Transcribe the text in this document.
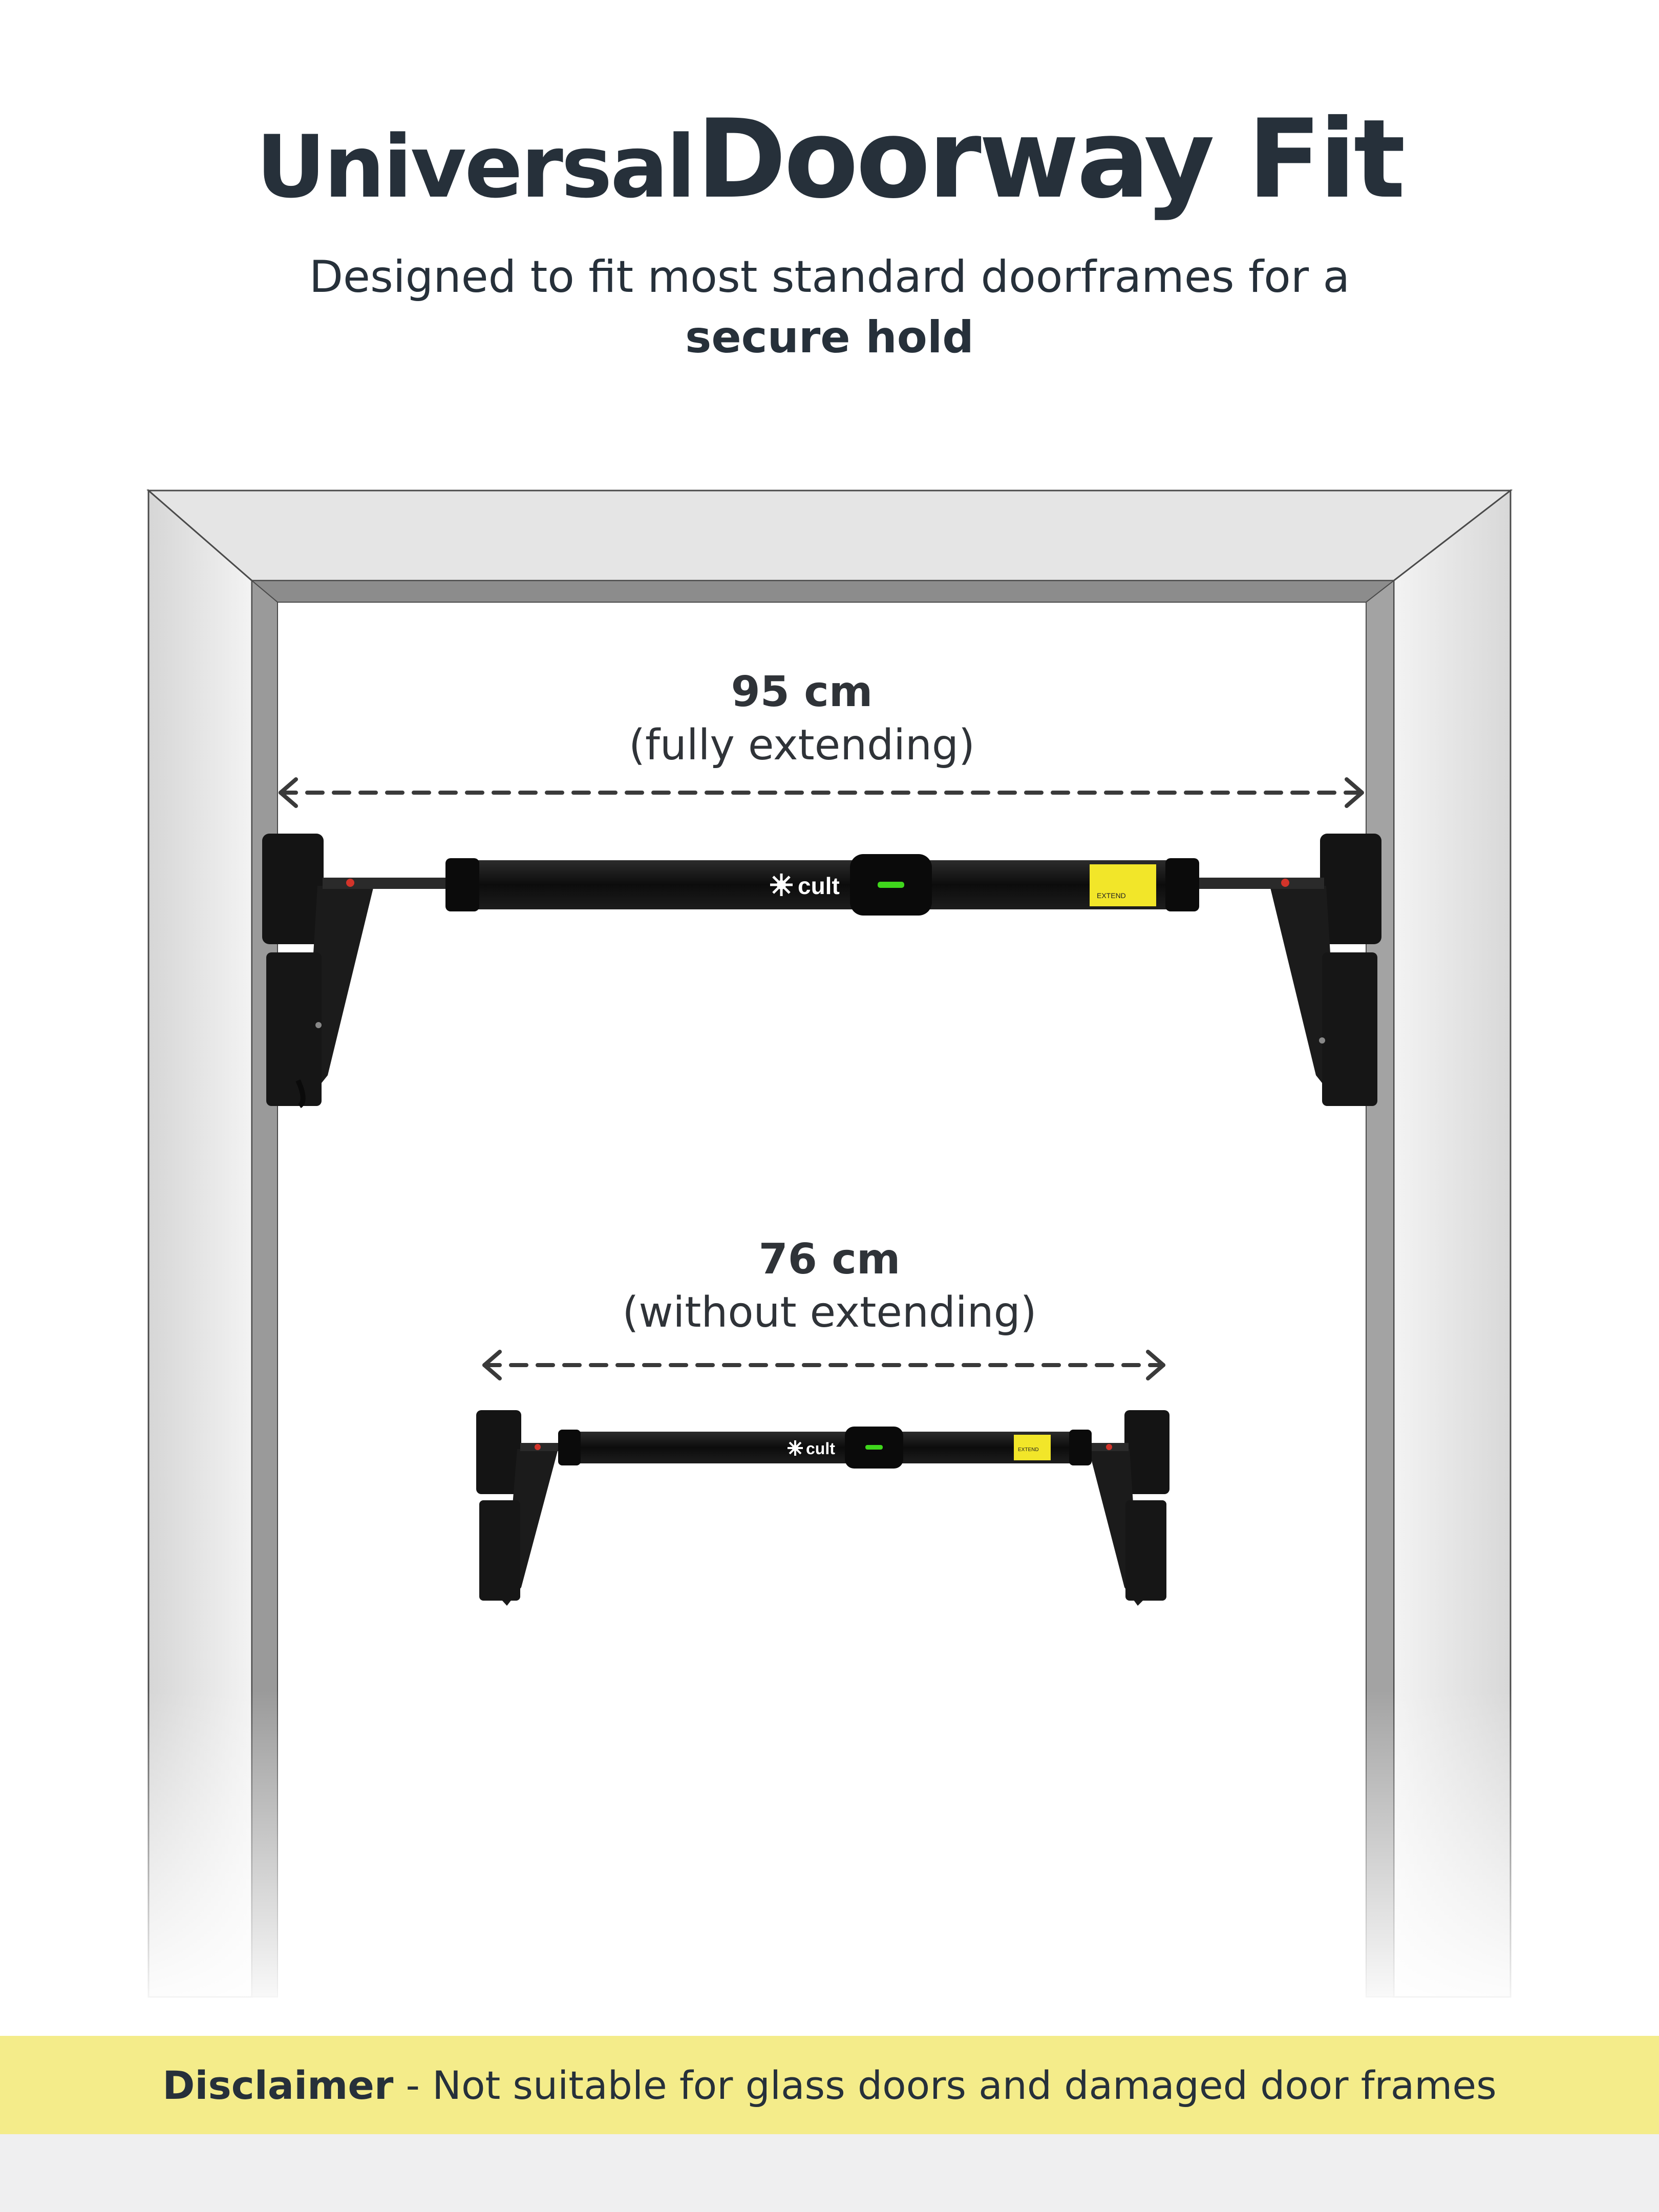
cult	EXTEND
cult	EXTEND
Universal Doorway Fit
Designed to fit most standard doorframes for a
secure hold
95 cm
(fully extending)
76 cm
(without extending)
Disclaimer - Not suitable for glass doors and damaged door frames
